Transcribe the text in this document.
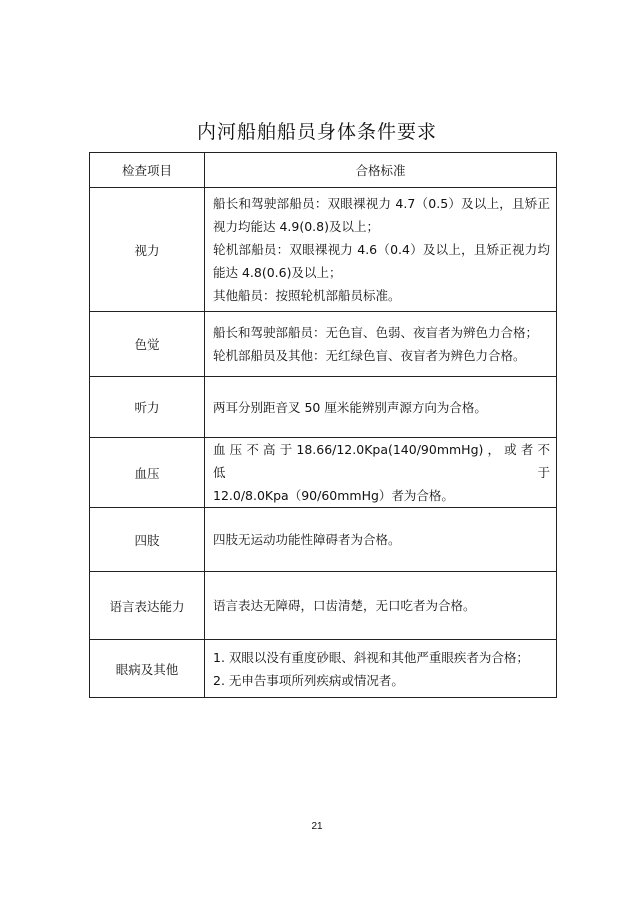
内河船舶船员身体条件要求
检查项目	合格标准
视力	船长和驾驶部船员：双眼裸视力 4.7（0.5）及以上，且矫正
视力均能达 4.9(0.8)及以上；
轮机部船员：双眼裸视力 4.6（0.4）及以上，且矫正视力均
能达 4.8(0.6)及以上；
其他船员：按照轮机部船员标准。

色觉	船长和驾驶部船员：无色盲、色弱、夜盲者为辨色力合格；
轮机部船员及其他：无红绿色盲、夜盲者为辨色力合格。

听力	两耳分别距音叉 50 厘米能辨别声源方向为合格。

血压	血 压 不 高 于 18.66/12.0Kpa(140/90mmHg) ， 或 者 不 低 于
12.0/8.0Kpa（90/60mmHg）者为合格。

四肢	四肢无运动功能性障碍者为合格。

语言表达能力	语言表达无障碍，口齿清楚，无口吃者为合格。

眼病及其他	1. 双眼以没有重度砂眼、斜视和其他严重眼疾者为合格；
2. 无申告事项所列疾病或情况者。
21
